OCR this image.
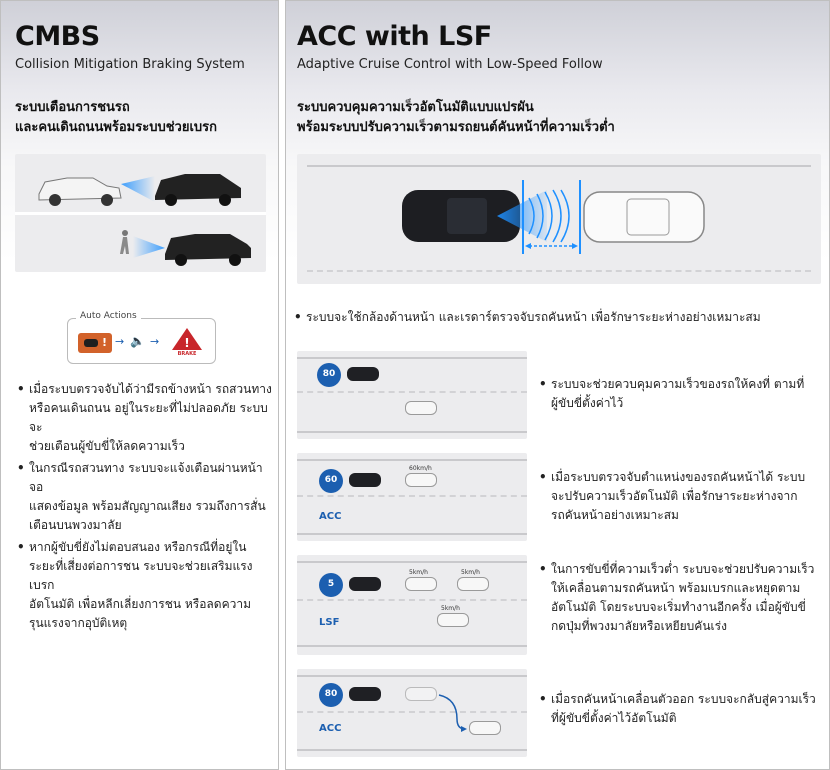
CMBS
Collision Mitigation Braking System
ระบบเตือนการชนรถ
และคนเดินถนนพร้อมระบบช่วยเบรก
Auto Actions
! → 🔈 → !
BRAKE
• เมื่อระบบตรวจจับได้ว่ามีรถข้างหน้า รถสวนทาง
หรือคนเดินถนน อยู่ในระยะที่ไม่ปลอดภัย ระบบจะ
ช่วยเตือนผู้ขับขี่ให้ลดความเร็ว
• ในกรณีรถสวนทาง ระบบจะแจ้งเตือนผ่านหน้าจอ
แสดงข้อมูล พร้อมสัญญาณเสียง รวมถึงการสั่น
เตือนบนพวงมาลัย
• หากผู้ขับขี่ยังไม่ตอบสนอง หรือกรณีที่อยู่ใน
ระยะที่เสี่ยงต่อการชน ระบบจะช่วยเสริมแรงเบรก
อัตโนมัติ เพื่อหลีกเลี่ยงการชน หรือลดความ
รุนแรงจากอุบัติเหตุ
ACC with LSF
Adaptive Cruise Control with Low-Speed Follow
ระบบควบคุมความเร็วอัตโนมัติแบบแปรผัน
พร้อมระบบปรับความเร็วตามรถยนต์คันหน้าที่ความเร็วต่ำ
• ระบบจะใช้กล้องด้านหน้า และเรดาร์ตรวจจับรถคันหน้า เพื่อรักษาระยะห่างอย่างเหมาะสม
80
60
60km/h
ACC
5
5km/h	5km/h
5km/h
LSF
80
ACC
• ระบบจะช่วยควบคุมความเร็วของรถให้คงที่ ตามที่
ผู้ขับขี่ตั้งค่าไว้
• เมื่อระบบตรวจจับตำแหน่งของรถคันหน้าได้ ระบบ
จะปรับความเร็วอัตโนมัติ เพื่อรักษาระยะห่างจาก
รถคันหน้าอย่างเหมาะสม
• ในการขับขี่ที่ความเร็วต่ำ ระบบจะช่วยปรับความเร็ว
ให้เคลื่อนตามรถคันหน้า พร้อมเบรกและหยุดตาม
อัตโนมัติ โดยระบบจะเริ่มทำงานอีกครั้ง เมื่อผู้ขับขี่
กดปุ่มที่พวงมาลัยหรือเหยียบคันเร่ง
• เมื่อรถคันหน้าเคลื่อนตัวออก ระบบจะกลับสู่ความเร็ว
ที่ผู้ขับขี่ตั้งค่าไว้อัตโนมัติ
